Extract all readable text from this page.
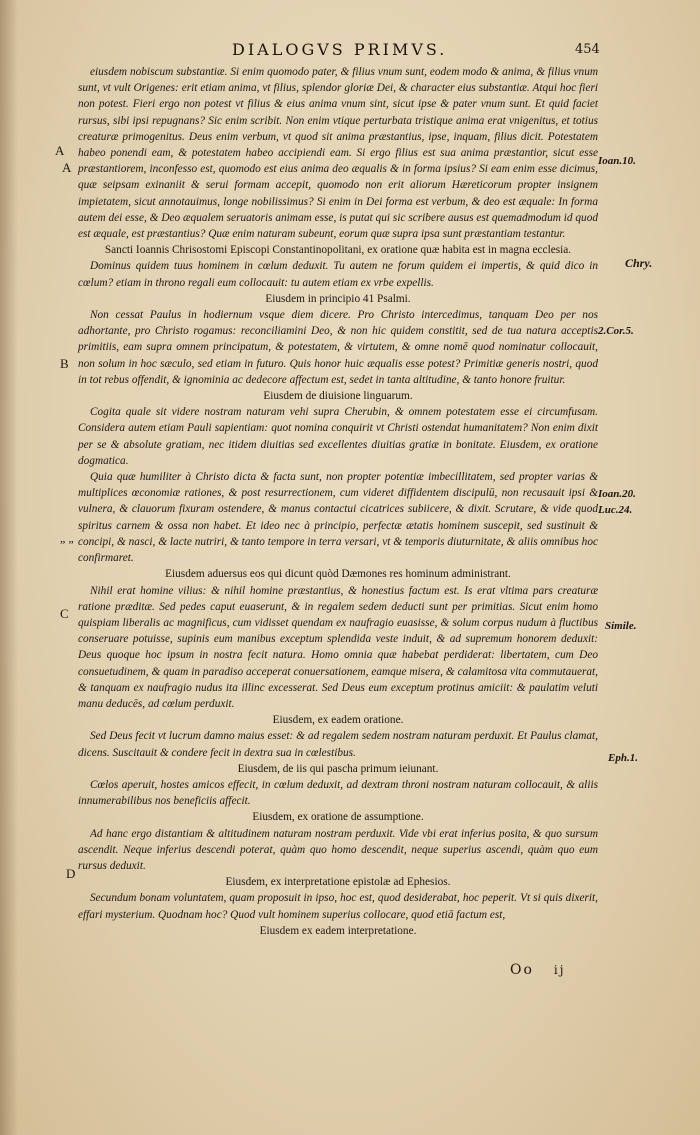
DIALOGVS PRIMVS.	454

eiusdem nobiscum substantiæ. Si enim quomodo pater, & filius vnum sunt, eodem modo & anima, & filius vnum sunt, vt vult Origenes: erit etiam anima, vt filius, splendor gloriæ Dei, & character eius substantiæ. Atqui hoc fieri non potest. Fieri ergo non potest vt filius & eius anima vnum sint, sicut ipse & pater vnum sunt. Et quid faciet rursus, sibi ipsi repugnans? Sic enim scribit. Non enim vtique perturbata tristique anima erat vnigenitus, et totius creaturæ primogenitus. Deus enim verbum, vt quod sit anima præstantius, ipse, inquam, filius dicit. Potestatem habeo ponendi eam, & potestatem habeo accipiendi eam. Si ergo filius est sua anima præstantior, sicut esse præstantiorem, inconfesso est, quomodo est eius anima deo æqualis & in forma ipsius? Si eam enim esse dicimus, quæ seipsam exinaniit & serui formam accepit, quomodo non erit aliorum Hæreticorum propter insignem impietatem, sicut annotauimus, longe nobilissimus? Si enim in Dei forma est verbum, & deo est æquale: In forma autem dei esse, & Deo æqualem seruatoris animam esse, is putat qui sic scribere ausus est quemadmodum id quod est æquale, est præstantius? Quæ enim naturam subeunt, eorum quæ supra ipsa sunt præstantiam testantur.

Sancti Ioannis Chrisostomi Episcopi Constantinopolitani, ex oratione quæ habita est in magna ecclesia.

Dominus quidem tuus hominem in cœlum deduxit. Tu autem ne forum quidem ei impertis, & quid dico in cœlum? etiam in throno regali eum collocauit: tu autem etiam ex vrbe expellis.

Eiusdem in principio 41 Psalmi.

Non cessat Paulus in hodiernum vsque diem dicere. Pro Christo intercedimus, tanquam Deo per nos adhortante, pro Christo rogamus: reconciliamini Deo, & non hic quidem constitit, sed de tua natura acceptis primitiis, eam supra omnem principatum, & potestatem, & virtutem, & omne nomē quod nominatur collocauit, non solum in hoc sæculo, sed etiam in futuro. Quis honor huic æqualis esse potest? Primitiæ generis nostri, quod in tot rebus offendit, & ignominia ac dedecore affectum est, sedet in tanta altitudine, & tanto honore fruitur.

Eiusdem de diuisione linguarum.

Cogita quale sit videre nostram naturam vehi supra Cherubin, & omnem potestatem esse ei circumfusam. Considera autem etiam Pauli sapientiam: quot nomina conquirit vt Christi ostendat humanitatem? Non enim dixit per se & absolute gratiam, nec itidem diuitias sed excellentes diuitias gratiæ in bonitate. Eiusdem, ex oratione dogmatica.

Quia quæ humiliter à Christo dicta & facta sunt, non propter potentiæ imbecillitatem, sed propter varias & multiplices œconomiæ rationes, & post resurrectionem, cum videret diffidentem discipulū, non recusauit ipsi & vulnera, & clauorum fixuram ostendere, & manus contactui cicatrices subiicere, & dixit. Scrutare, & vide quod spiritus carnem & ossa non habet. Et ideo nec à principio, perfectæ ætatis hominem suscepit, sed sustinuit & concipi, & nasci, & lacte nutriri, & tanto tempore in terra versari, vt & temporis diuturnitate, & aliis omnibus hoc confirmaret.

Eiusdem aduersus eos qui dicunt quòd Dæmones res hominum administrant.

Nihil erat homine vilius: & nihil homine præstantius, & honestius factum est. Is erat vltima pars creaturæ ratione præditæ. Sed pedes caput euaserunt, & in regalem sedem deducti sunt per primitias. Sicut enim homo quispiam liberalis ac magnificus, cum vidisset quendam ex naufragio euasisse, & solum corpus nudum à fluctibus conseruare potuisse, supinis eum manibus exceptum splendida veste induit, & ad supremum honorem deduxit: Deus quoque hoc ipsum in nostra fecit natura. Homo omnia quæ habebat perdiderat: libertatem, cum Deo consuetudinem, & quam in paradiso acceperat conuersationem, eamque misera, & calamitosa vita commutauerat, & tanquam ex naufragio nudus ita illinc excesserat. Sed Deus eum exceptum protinus amiciit: & paulatim veluti manu deducēs, ad cœlum perduxit.

Eiusdem, ex eadem oratione.

Sed Deus fecit vt lucrum damno maius esset: & ad regalem sedem nostram naturam perduxit. Et Paulus clamat, dicens. Suscitauit & condere fecit in dextra sua in cœlestibus.

Eiusdem, de iis qui pascha primum ieiunant.

Cœlos aperuit, hostes amicos effecit, in cœlum deduxit, ad dextram throni nostram naturam collocauit, & aliis innumerabilibus nos beneficiis affecit.

Eiusdem, ex oratione de assumptione.

Ad hanc ergo distantiam & altitudinem naturam nostram perduxit. Vide vbi erat inferius posita, & quo sursum ascendit. Neque inferius descendi poterat, quàm quo homo descendit, neque superius ascendi, quàm quo eum rursus deduxit.

Eiusdem, ex interpretatione epistolæ ad Ephesios.

Secundum bonam voluntatem, quam proposuit in ipso, hoc est, quod desiderabat, hoc peperit. Vt si quis dixerit, effari mysterium. Quodnam hoc? Quod vult hominem superius collocare, quod etiā factum est,

Eiusdem ex eadem interpretatione.

A
A
B
C
D
„ „
Ioan.10.
Chry.
2.Cor.5.
Ioan.20.
Luc.24.
Simile.
Eph.1.
Oo ij
